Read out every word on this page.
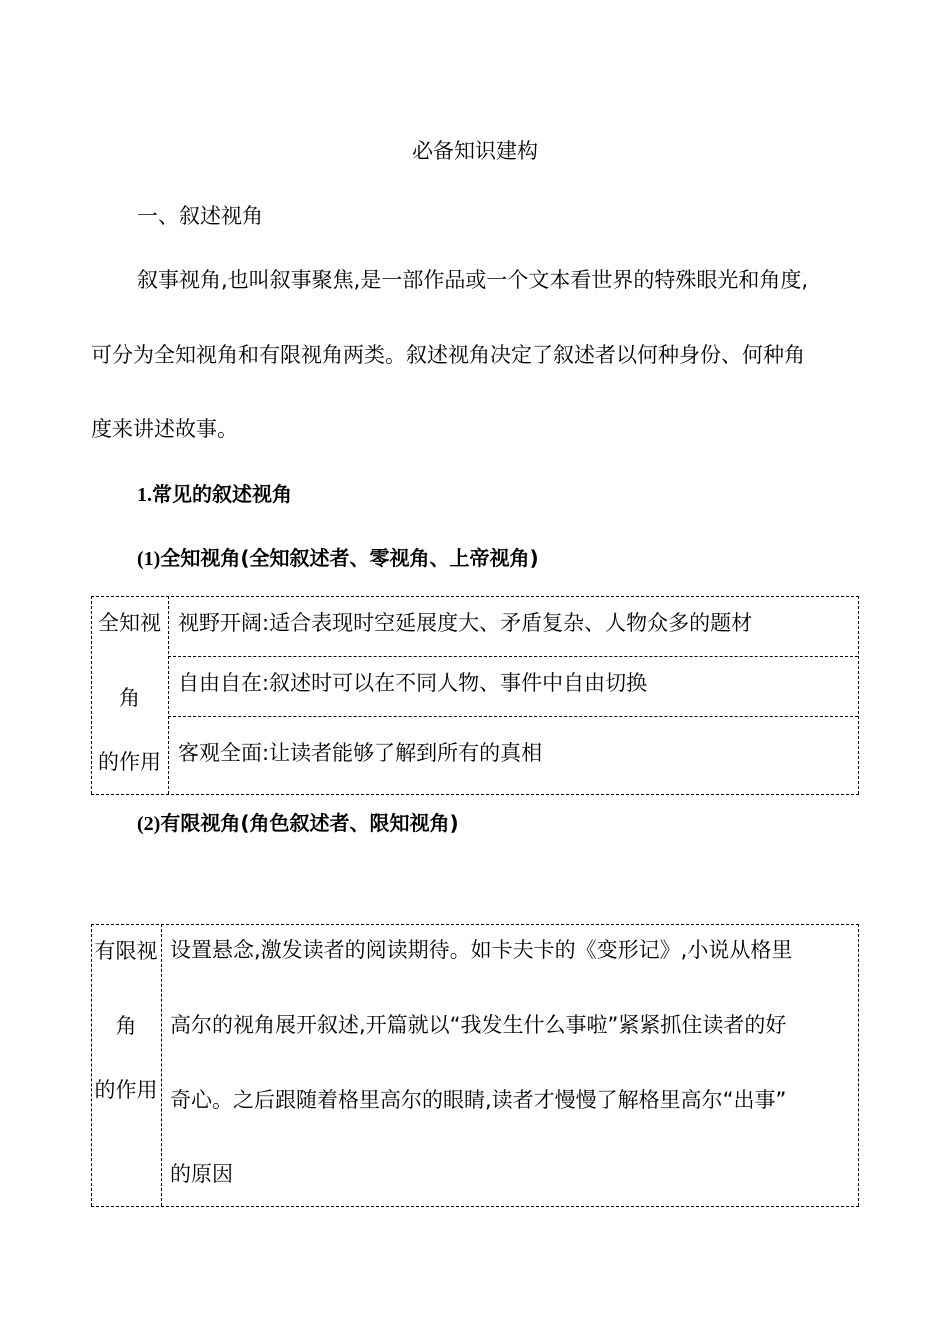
必备知识建构
一、叙述视角
叙事视角,也叫叙事聚焦,是一部作品或一个文本看世界的特殊眼光和角度,
可分为全知视角和有限视角两类。叙述视角决定了叙述者以何种身份、何种角
度来讲述故事。
1.常见的叙述视角
(1)全知视角(全知叙述者、零视角、上帝视角)
全知视
角
的作用
视野开阔:适合表现时空延展度大、矛盾复杂、人物众多的题材
自由自在:叙述时可以在不同人物、事件中自由切换
客观全面:让读者能够了解到所有的真相
(2)有限视角(角色叙述者、限知视角)
有限视
角
的作用
设置悬念,激发读者的阅读期待。如卡夫卡的《变形记》,小说从格里
高尔的视角展开叙述,开篇就以“我发生什么事啦”紧紧抓住读者的好
奇心。之后跟随着格里高尔的眼睛,读者才慢慢了解格里高尔“出事”
的原因
